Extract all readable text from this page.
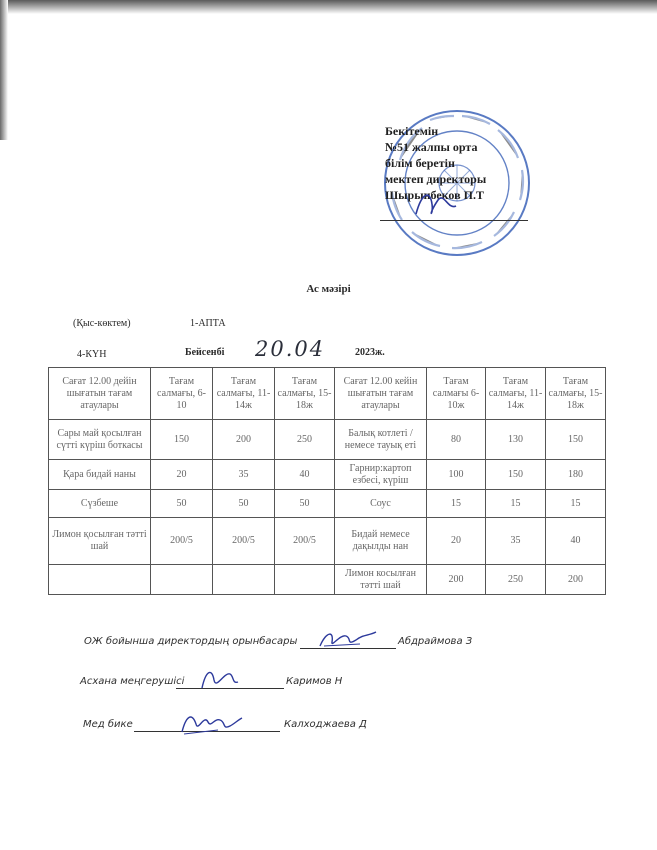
Бекітемін
№51 жалпы орта
білім беретін
мектеп директоры
Шырынбеков П.Т
Ас мәзірі
(Қыс-көктем)	1-АПТА
4-КҮН	Бейсенбі 20.04	2023ж.
Сағат 12.00 дейін шығатын тағам атаулары	Тағам салмағы, 6-10	Тағам салмағы, 11-14ж	Тағам салмағы, 15-18ж	Сағат 12.00 кейін шығатын тағам атаулары	Тағам салмағы 6-10ж	Тағам салмағы, 11-14ж	Тағам салмағы, 15-18ж
Сары май қосылған сүтті күріш боткасы	150	200	250	Балық котлеті /немесе тауық еті	80	130	150
Қара бидай наны	20	35	40	Гарнир:картоп езбесі, күріш	100	150	180
Сүзбеше	50	50	50	Соус	15	15	15
Лимон қосылған тәтті шай	200/5	200/5	200/5	Бидай немесе дақылды нан	20	35	40
				Лимон косылған тәтті шай	200	250	200
ОЖ бойынша директордың орынбасары	Абдраймова З
Асхана меңгерушісі	Каримов Н
Мед бике	Калходжаева Д
